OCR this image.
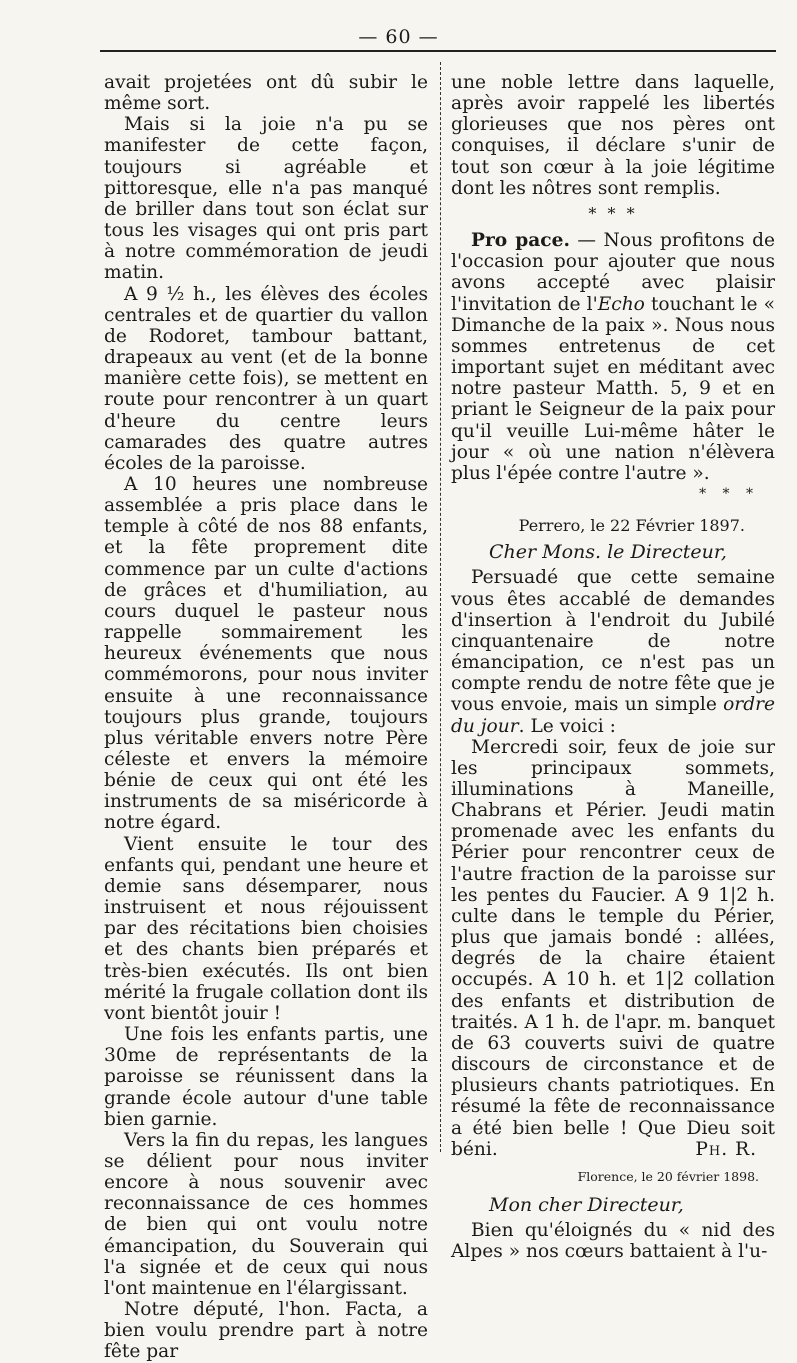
— 60 —

avait projetées ont dû subir le même sort.

Mais si la joie n'a pu se manifester de cette façon, toujours si agréable et pittoresque, elle n'a pas manqué de briller dans tout son éclat sur tous les visages qui ont pris part à notre commémoration de jeudi matin.

A 9 ½ h., les élèves des écoles centrales et de quartier du vallon de Rodoret, tambour battant, drapeaux au vent (et de la bonne manière cette fois), se mettent en route pour rencontrer à un quart d'heure du centre leurs camarades des quatre autres écoles de la paroisse.

A 10 heures une nombreuse assemblée a pris place dans le temple à côté de nos 88 enfants, et la fête proprement dite commence par un culte d'actions de grâces et d'humiliation, au cours duquel le pasteur nous rappelle sommairement les heureux événements que nous commémorons, pour nous inviter ensuite à une reconnaissance toujours plus grande, toujours plus véritable envers notre Père céleste et envers la mémoire bénie de ceux qui ont été les instruments de sa miséricorde à notre égard.

Vient ensuite le tour des enfants qui, pendant une heure et demie sans désemparer, nous instruisent et nous réjouissent par des récitations bien choisies et des chants bien préparés et très-bien exécutés. Ils ont bien mérité la frugale collation dont ils vont bientôt jouir !

Une fois les enfants partis, une 30me de représentants de la paroisse se réunissent dans la grande école autour d'une table bien garnie.

Vers la fin du repas, les langues se délient pour nous inviter encore à nous souvenir avec reconnaissance de ces hommes de bien qui ont voulu notre émancipation, du Souverain qui l'a signée et de ceux qui nous l'ont maintenue en l'élargissant.

Notre député, l'hon. Facta, a bien voulu prendre part à notre fête par

une noble lettre dans laquelle, après avoir rappelé les libertés glorieuses que nos pères ont conquises, il déclare s'unir de tout son cœur à la joie légitime dont les nôtres sont remplis.

* * *

Pro pace. — Nous profitons de l'occasion pour ajouter que nous avons accepté avec plaisir l'invitation de l'Echo touchant le « Dimanche de la paix ». Nous nous sommes entretenus de cet important sujet en méditant avec notre pasteur Matth. 5, 9 et en priant le Seigneur de la paix pour qu'il veuille Lui-même hâter le jour « où une nation n'élèvera plus l'épée contre l'autre ».

* * *
Perrero, le 22 Février 1897.

Cher Mons. le Directeur,

Persuadé que cette semaine vous êtes accablé de demandes d'insertion à l'endroit du Jubilé cinquantenaire de notre émancipation, ce n'est pas un compte rendu de notre fête que je vous envoie, mais un simple ordre du jour. Le voici :

Mercredi soir, feux de joie sur les principaux sommets, illuminations à Maneille, Chabrans et Périer. Jeudi matin promenade avec les enfants du Périer pour rencontrer ceux de l'autre fraction de la paroisse sur les pentes du Faucier. A 9 1|2 h. culte dans le temple du Périer, plus que jamais bondé : allées, degrés de la chaire étaient occupés. A 10 h. et 1|2 collation des enfants et distribution de traités. A 1 h. de l'apr. m. banquet de 63 couverts suivi de quatre discours de circonstance et de plusieurs chants patriotiques. En résumé la fête de reconnaissance a été bien belle ! Que Dieu soit béni.	Ph. R.

Florence, le 20 février 1898.

Mon cher Directeur,

Bien qu'éloignés du « nid des Alpes » nos cœurs battaient à l'u-
